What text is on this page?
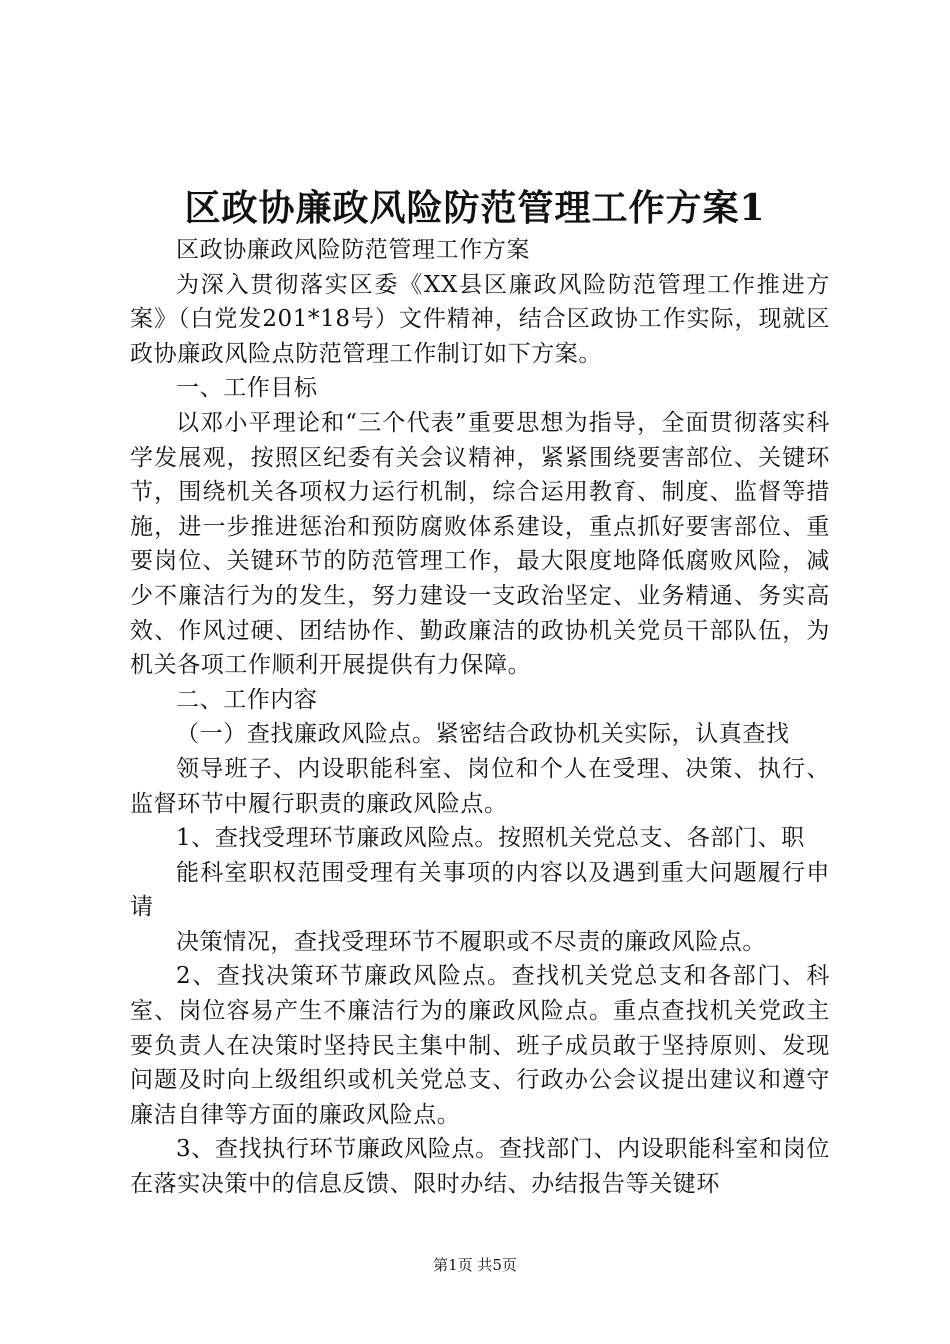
区政协廉政风险防范管理工作方案1

区政协廉政风险防范管理工作方案

为深入贯彻落实区委《XX县区廉政风险防范管理工作推进方案》（白党发201*18号）文件精神，结合区政协工作实际，现就区政协廉政风险点防范管理工作制订如下方案。

一、工作目标

以邓小平理论和“三个代表”重要思想为指导，全面贯彻落实科学发展观，按照区纪委有关会议精神，紧紧围绕要害部位、关键环节，围绕机关各项权力运行机制，综合运用教育、制度、监督等措施，进一步推进惩治和预防腐败体系建设，重点抓好要害部位、重要岗位、关键环节的防范管理工作，最大限度地降低腐败风险，减少不廉洁行为的发生，努力建设一支政治坚定、业务精通、务实高效、作风过硬、团结协作、勤政廉洁的政协机关党员干部队伍，为机关各项工作顺利开展提供有力保障。

二、工作内容

（一）查找廉政风险点。紧密结合政协机关实际，认真查找

领导班子、内设职能科室、岗位和个人在受理、决策、执行、监督环节中履行职责的廉政风险点。

1、查找受理环节廉政风险点。按照机关党总支、各部门、职

能科室职权范围受理有关事项的内容以及遇到重大问题履行申请

决策情况，查找受理环节不履职或不尽责的廉政风险点。

2、查找决策环节廉政风险点。查找机关党总支和各部门、科室、岗位容易产生不廉洁行为的廉政风险点。重点查找机关党政主要负责人在决策时坚持民主集中制、班子成员敢于坚持原则、发现问题及时向上级组织或机关党总支、行政办公会议提出建议和遵守廉洁自律等方面的廉政风险点。

3、查找执行环节廉政风险点。查找部门、内设职能科室和岗位在落实决策中的信息反馈、限时办结、办结报告等关键环

第1页 共5页
